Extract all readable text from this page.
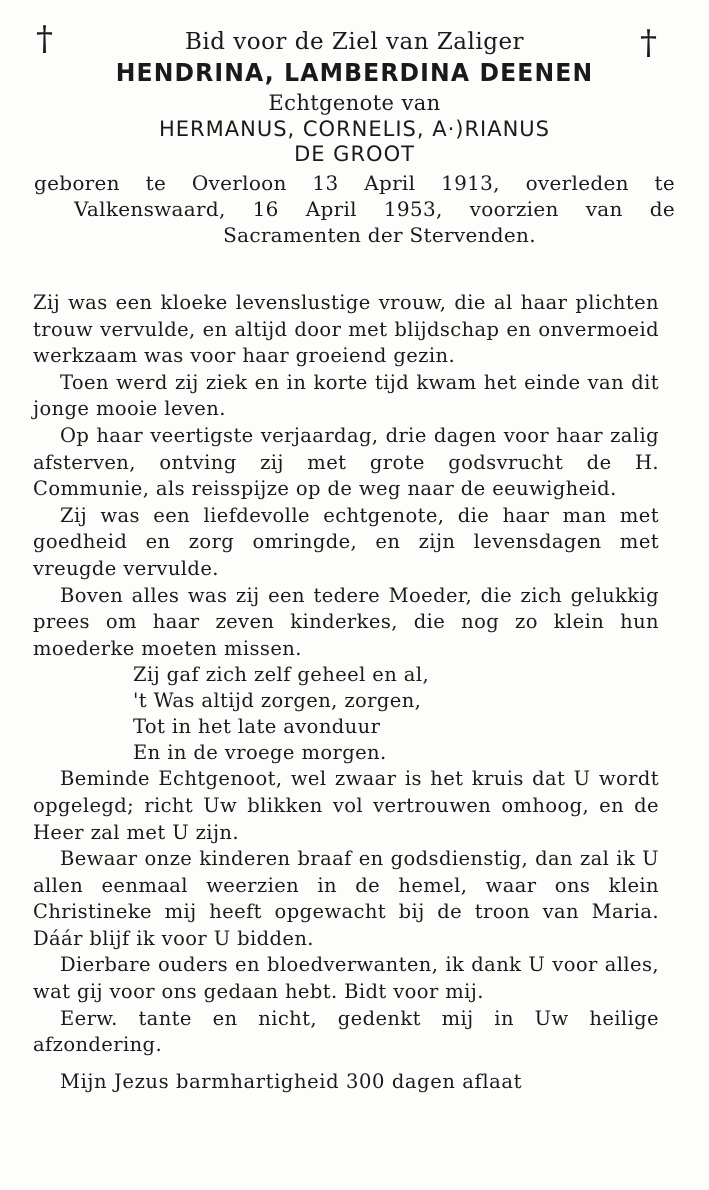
†	†
Bid voor de Ziel van Zaliger
HENDRINA, LAMBERDINA DEENEN
Echtgenote van
HERMANUS, CORNELIS, A·)RIANUS
DE GROOT
geboren te Overloon 13 April 1913, overleden te
Valkenswaard, 16 April 1953, voorzien van de
Sacramenten der Stervenden.

Zij was een kloeke levenslustige vrouw, die al haar plichten trouw vervulde, en altijd door met blijdschap en onvermoeid werkzaam was voor haar groeiend gezin.

Toen werd zij ziek en in korte tijd kwam het einde van dit jonge mooie leven.

Op haar veertigste verjaardag, drie dagen voor haar zalig afsterven, ontving zij met grote godsvrucht de H. Communie, als reisspijze op de weg naar de eeuwigheid.

Zij was een liefdevolle echtgenote, die haar man met goedheid en zorg omringde, en zijn levensdagen met vreugde vervulde.

Boven alles was zij een tedere Moeder, die zich gelukkig prees om haar zeven kinderkes, die nog zo klein hun moederke moeten missen.

Zij gaf zich zelf geheel en al,
't Was altijd zorgen, zorgen,
Tot in het late avonduur
En in de vroege morgen.

Beminde Echtgenoot, wel zwaar is het kruis dat U wordt opgelegd; richt Uw blikken vol vertrouwen omhoog, en de Heer zal met U zijn.

Bewaar onze kinderen braaf en godsdienstig, dan zal ik U allen eenmaal weerzien in de hemel, waar ons klein Christineke mij heeft opgewacht bij de troon van Maria. Dáár blijf ik voor U bidden.

Dierbare ouders en bloedverwanten, ik dank U voor alles, wat gij voor ons gedaan hebt. Bidt voor mij.

Eerw. tante en nicht, gedenkt mij in Uw heilige afzondering.

Mijn Jezus barmhartigheid 300 dagen aflaat
